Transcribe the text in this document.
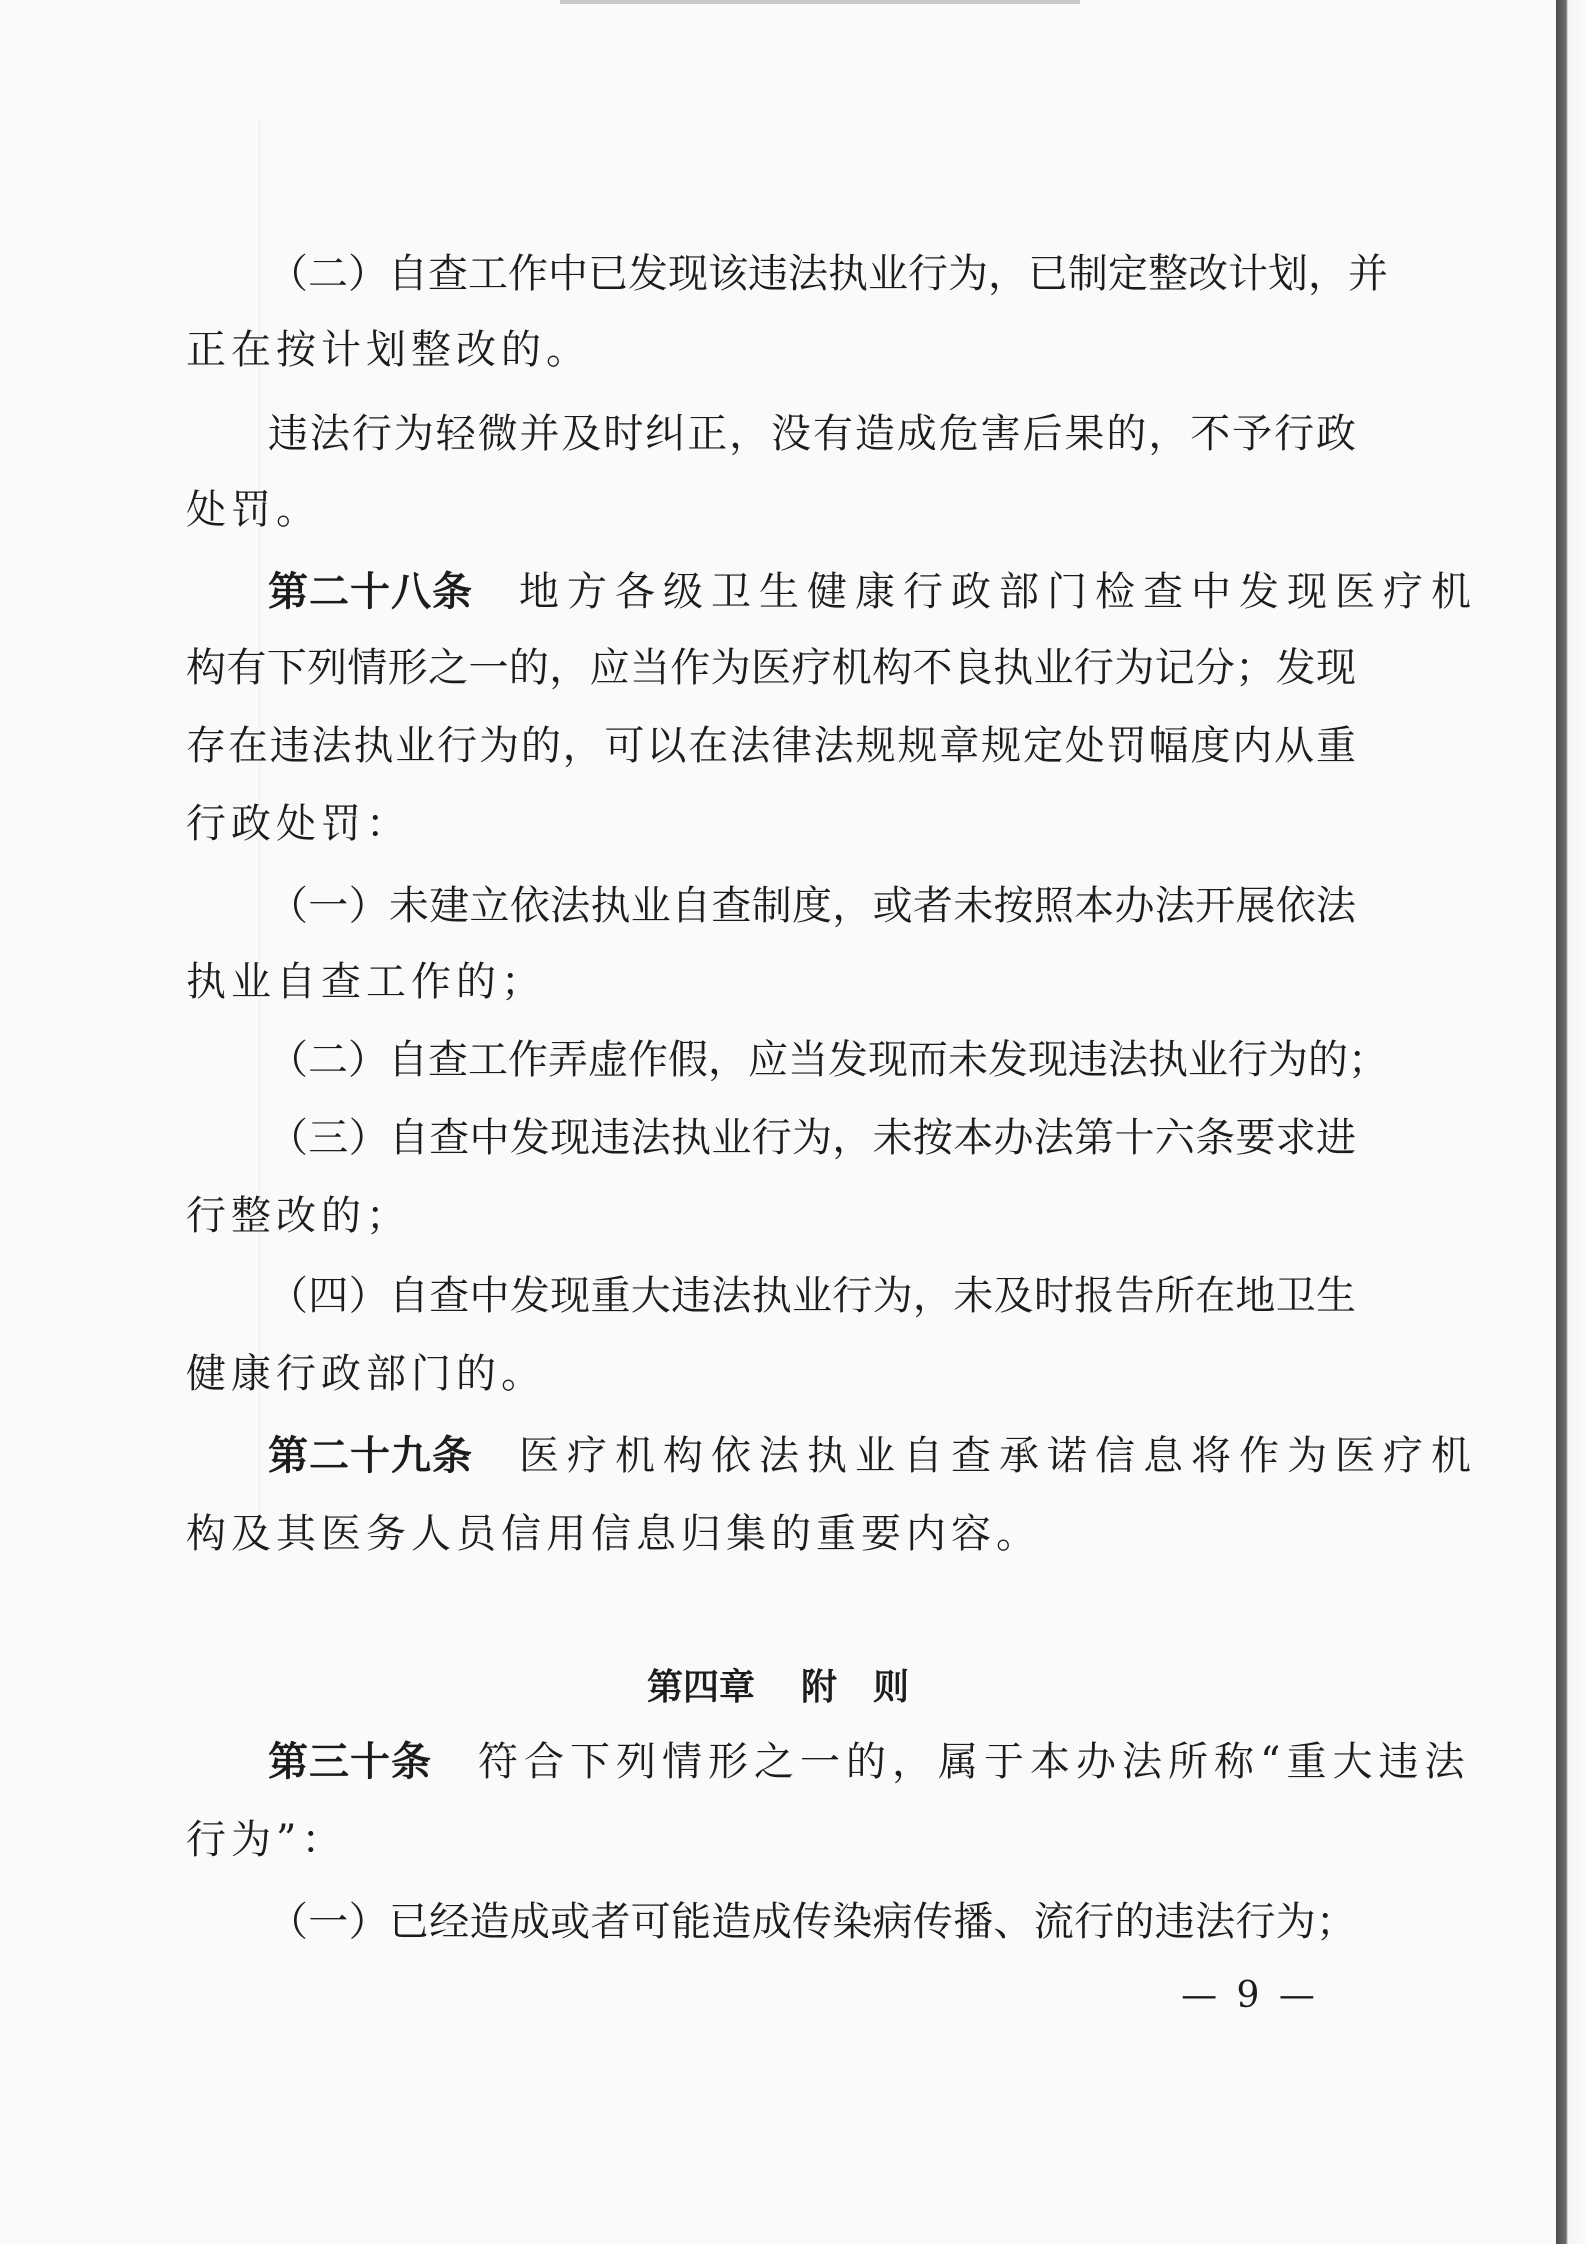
（二）自查工作中已发现该违法执业行为，已制定整改计划，并
正在按计划整改的。
违法行为轻微并及时纠正，没有造成危害后果的，不予行政
处罚。
第二十八条 地方各级卫生健康行政部门检查中发现医疗机
构有下列情形之一的，应当作为医疗机构不良执业行为记分；发现
存在违法执业行为的，可以在法律法规规章规定处罚幅度内从重
行政处罚：
（一）未建立依法执业自查制度，或者未按照本办法开展依法
执业自查工作的；
（二）自查工作弄虚作假，应当发现而未发现违法执业行为的；
（三）自查中发现违法执业行为，未按本办法第十六条要求进
行整改的；
（四）自查中发现重大违法执业行为，未及时报告所在地卫生
健康行政部门的。
第二十九条 医疗机构依法执业自查承诺信息将作为医疗机
构及其医务人员信用信息归集的重要内容。
第四章 附　则
第三十条 符合下列情形之一的，属于本办法所称“重大违法
行为”：
（一）已经造成或者可能造成传染病传播、流行的违法行为；
— 9 —
